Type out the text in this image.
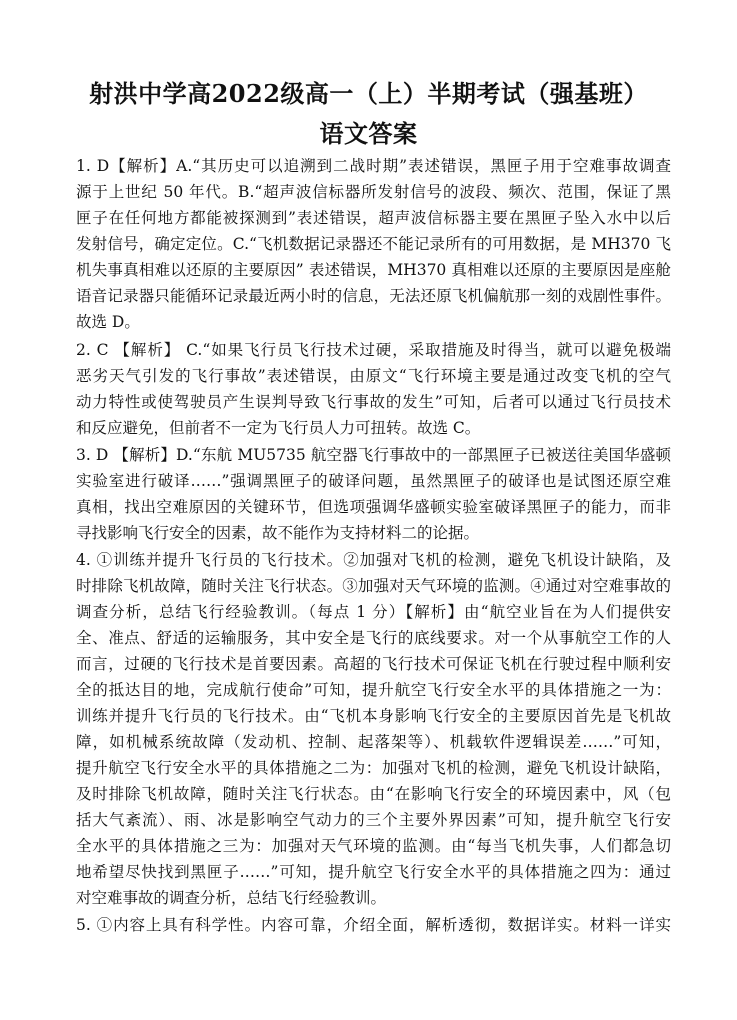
射洪中学高2022级高一（上）半期考试（强基班）
语文答案
1. D【解析】A.“其历史可以追溯到二战时期”表述错误，黑匣子用于空难事故调查
源于上世纪 50 年代。B.“超声波信标器所发射信号的波段、频次、范围，保证了黑
匣子在任何地方都能被探测到”表述错误，超声波信标器主要在黑匣子坠入水中以后
发射信号，确定定位。C.“飞机数据记录器还不能记录所有的可用数据，是 MH370 飞
机失事真相难以还原的主要原因” 表述错误，MH370 真相难以还原的主要原因是座舱
语音记录器只能循环记录最近两小时的信息，无法还原飞机偏航那一刻的戏剧性事件。
故选 D。
2. C 【解析】 C.“如果飞行员飞行技术过硬，采取措施及时得当，就可以避免极端
恶劣天气引发的飞行事故”表述错误，由原文“飞行环境主要是通过改变飞机的空气
动力特性或使驾驶员产生误判导致飞行事故的发生”可知，后者可以通过飞行员技术
和反应避免，但前者不一定为飞行员人力可扭转。故选 C。
3. D 【解析】D.“东航 MU5735 航空器飞行事故中的一部黑匣子已被送往美国华盛顿
实验室进行破译……”强调黑匣子的破译问题，虽然黑匣子的破译也是试图还原空难
真相，找出空难原因的关键环节，但选项强调华盛顿实验室破译黑匣子的能力，而非
寻找影响飞行安全的因素，故不能作为支持材料二的论据。
4. ①训练并提升飞行员的飞行技术。②加强对飞机的检测，避免飞机设计缺陷，及
时排除飞机故障，随时关注飞行状态。③加强对天气环境的监测。④通过对空难事故的
调查分析，总结飞行经验教训。（每点 1 分）【解析】由“航空业旨在为人们提供安
全、准点、舒适的运输服务，其中安全是飞行的底线要求。对一个从事航空工作的人
而言，过硬的飞行技术是首要因素。高超的飞行技术可保证飞机在行驶过程中顺利安
全的抵达目的地，完成航行使命”可知，提升航空飞行安全水平的具体措施之一为：
训练并提升飞行员的飞行技术。由“飞机本身影响飞行安全的主要原因首先是飞机故
障，如机械系统故障（发动机、控制、起落架等）、机载软件逻辑误差……”可知，
提升航空飞行安全水平的具体措施之二为：加强对飞机的检测，避免飞机设计缺陷，
及时排除飞机故障，随时关注飞行状态。由“在影响飞行安全的环境因素中，风（包
括大气紊流）、雨、冰是影响空气动力的三个主要外界因素”可知，提升航空飞行安
全水平的具体措施之三为：加强对天气环境的监测。由“每当飞机失事，人们都急切
地希望尽快找到黑匣子……”可知，提升航空飞行安全水平的具体措施之四为：通过
对空难事故的调查分析，总结飞行经验教训。
5. ①内容上具有科学性。内容可靠，介绍全面，解析透彻，数据详实。材料一详实
